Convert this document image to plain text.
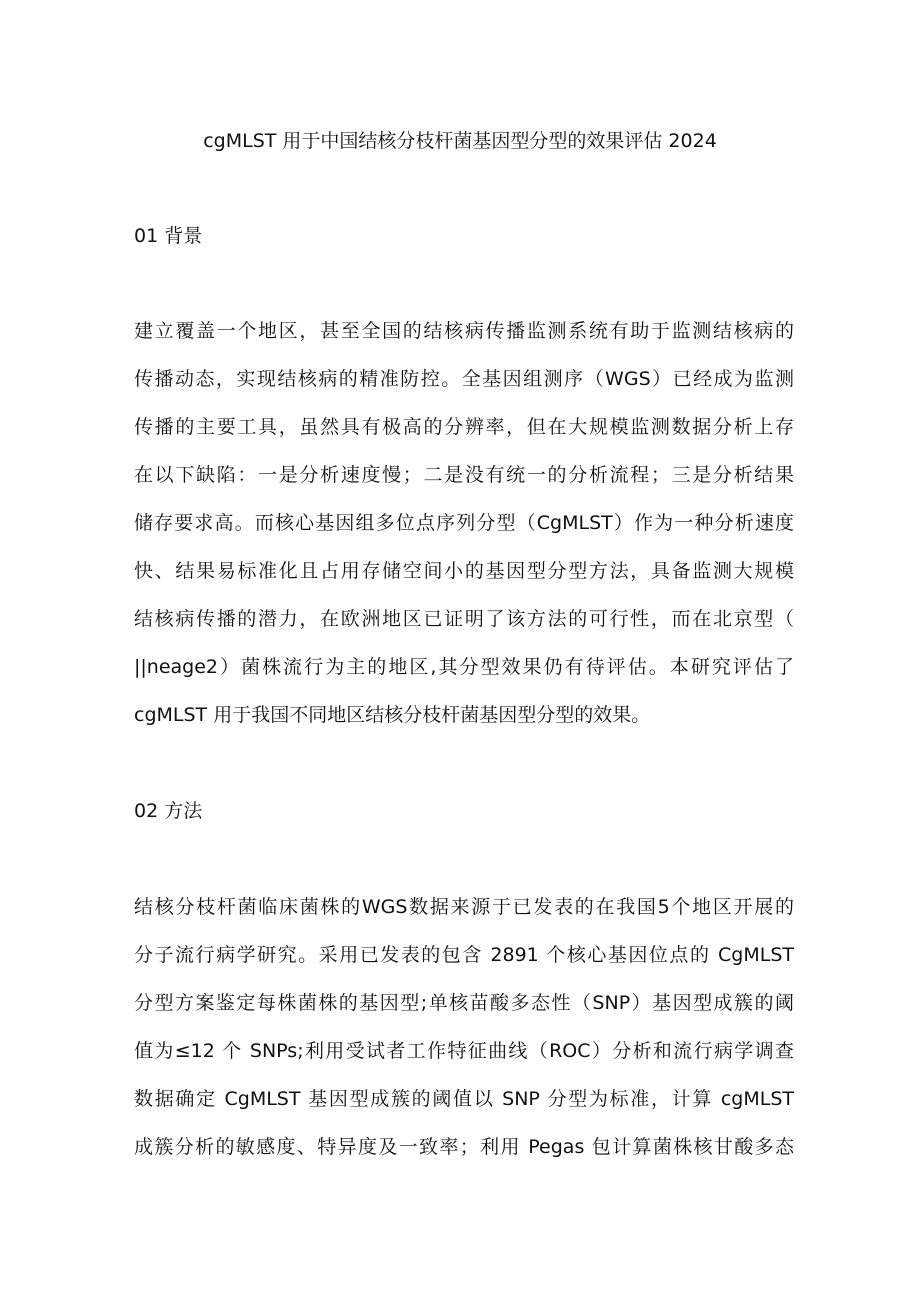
cgMLST 用于中国结核分枝杆菌基因型分型的效果评估 2024
01 背景

建立覆盖一个地区，甚至全国的结核病传播监测系统有助于监测结核病的
传播动态，实现结核病的精准防控。全基因组测序（WGS）已经成为监测
传播的主要工具，虽然具有极高的分辨率，但在大规模监测数据分析上存
在以下缺陷：一是分析速度慢；二是没有统一的分析流程；三是分析结果
储存要求高。而核心基因组多位点序列分型（CgMLST）作为一种分析速度
快、结果易标准化且占用存储空间小的基因型分型方法，具备监测大规模
结核病传播的潜力，在欧洲地区已证明了该方法的可行性，而在北京型（
||neage2）菌株流行为主的地区,其分型效果仍有待评估。本研究评估了
cgMLST 用于我国不同地区结核分枝杆菌基因型分型的效果。

02 方法

结核分枝杆菌临床菌株的WGS数据来源于已发表的在我国5个地区开展的
分子流行病学研究。采用已发表的包含 2891 个核心基因位点的 CgMLST
分型方案鉴定每株菌株的基因型;单核苗酸多态性（SNP）基因型成簇的阈
值为≤12 个 SNPs;利用受试者工作特征曲线（ROC）分析和流行病学调查
数据确定 CgMLST 基因型成簇的阈值以 SNP 分型为标准，计算 cgMLST
成簇分析的敏感度、特异度及一致率；利用 Pegas 包计算菌株核甘酸多态
